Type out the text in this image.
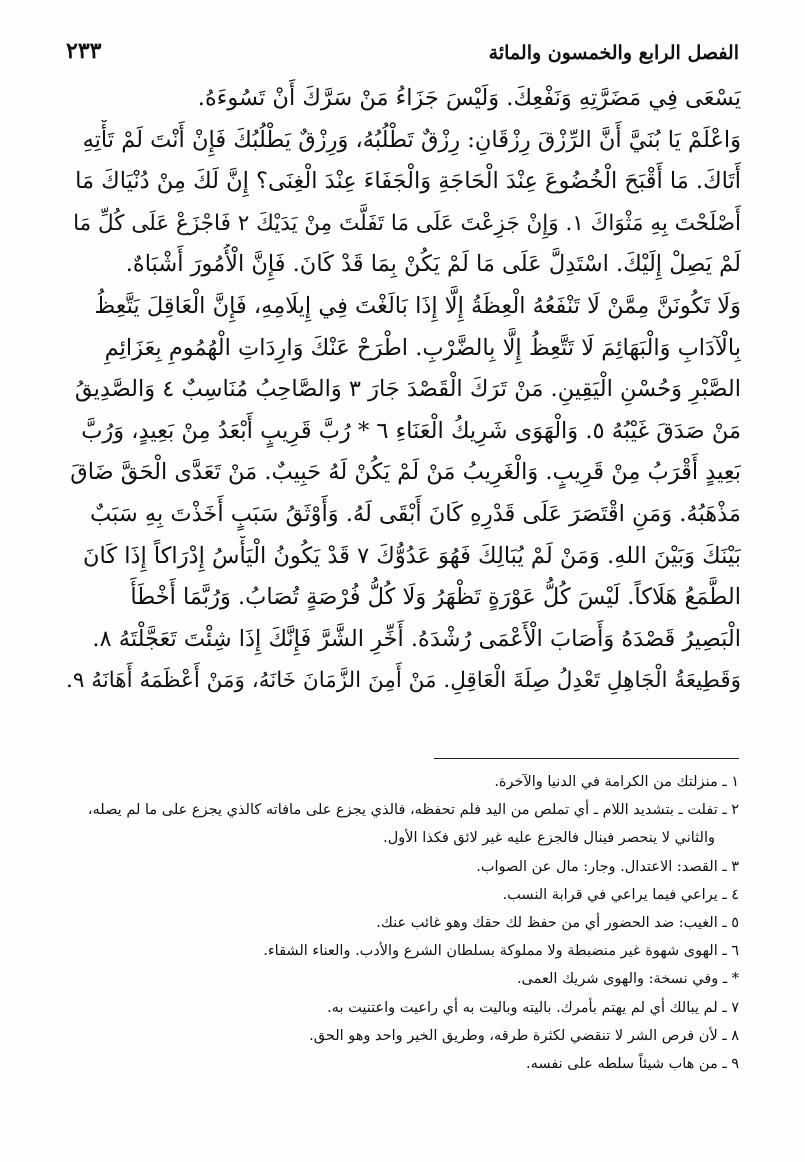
الفصل الرابع والخمسون والمائة
٢٣٣
يَسْعَى فِي مَضَرَّتِهِ وَنَفْعِكَ. وَلَيْسَ جَزَاءُ مَنْ سَرَّكَ أَنْ تَسُوءَهُ.
وَاعْلَمْ يَا بُنَيَّ أَنَّ الرِّزْقَ رِزْقَانِ: رِزْقٌ تَطْلُبُهُ، وَرِزْقٌ يَطْلُبُكَ فَإِنْ أَنْتَ لَمْ تَأْتِهِ
أَتَاكَ. مَا أَقْبَحَ الْخُضُوعَ عِنْدَ الْحَاجَةِ وَالْجَفَاءَ عِنْدَ الْغِنَى؟ إِنَّ لَكَ مِنْ دُنْيَاكَ مَا
أَصْلَحْتَ بِهِ مَثْوَاكَ ١. وَإِنْ جَزِعْتَ عَلَى مَا تَفَلَّتَ مِنْ يَدَيْكَ ٢ فَاجْزَعْ عَلَى كُلِّ مَا
لَمْ يَصِلْ إِلَيْكَ. اسْتَدِلَّ عَلَى مَا لَمْ يَكُنْ بِمَا قَدْ كَانَ. فَإِنَّ الْأُمُورَ أَشْبَاهٌ.
وَلَا تَكُونَنَّ مِمَّنْ لَا تَنْفَعُهُ الْعِظَةُ إِلَّا إِذَا بَالَغْتَ فِي إِيلَامِهِ، فَإِنَّ الْعَاقِلَ يَتَّعِظُ
بِالْآدَابِ وَالْبَهَائِمَ لَا تَتَّعِظُ إِلَّا بِالضَّرْبِ. اطْرَحْ عَنْكَ وَارِدَاتِ الْهُمُومِ بِعَزَائِمِ
الصَّبْرِ وَحُسْنِ الْيَقِينِ. مَنْ تَرَكَ الْقَصْدَ جَارَ ٣ وَالصَّاحِبُ مُنَاسِبٌ ٤ وَالصَّدِيقُ
مَنْ صَدَقَ غَيْبُهُ ٥. وَالْهَوَى شَرِيكُ الْعَنَاءِ ٦ * رُبَّ قَرِيبٍ أَبْعَدُ مِنْ بَعِيدٍ، وَرُبَّ
بَعِيدٍ أَقْرَبُ مِنْ قَرِيبٍ. وَالْغَرِيبُ مَنْ لَمْ يَكُنْ لَهُ حَبِيبٌ. مَنْ تَعَدَّى الْحَقَّ ضَاقَ
مَذْهَبُهُ. وَمَنِ اقْتَصَرَ عَلَى قَدْرِهِ كَانَ أَبْقَى لَهُ. وَأَوْثَقُ سَبَبٍ أَخَذْتَ بِهِ سَبَبٌ
بَيْنَكَ وَبَيْنَ اللهِ. وَمَنْ لَمْ يُبَالِكَ فَهُوَ عَدُوُّكَ ٧ قَدْ يَكُونُ الْيَأْسُ إِدْرَاكاً إِذَا كَانَ
الطَّمَعُ هَلَاكاً. لَيْسَ كُلُّ عَوْرَةٍ تَظْهَرُ وَلَا كُلُّ فُرْصَةٍ تُصَابُ. وَرُبَّمَا أَخْطَأَ
الْبَصِيرُ قَصْدَهُ وَأَصَابَ الْأَعْمَى رُشْدَهُ. أَخِّرِ الشَّرَّ فَإِنَّكَ إِذَا شِئْتَ تَعَجَّلْتَهُ ٨.
وَقَطِيعَةُ الْجَاهِلِ تَعْدِلُ صِلَةَ الْعَاقِلِ. مَنْ أَمِنَ الزَّمَانَ خَانَهُ، وَمَنْ أَعْظَمَهُ أَهَانَهُ ٩.
١ ـ منزلتك من الكرامة في الدنيا والآخرة.
٢ ـ تفلت ـ بتشديد اللام ـ أي تملص من اليد فلم تحفظه، فالذي يجزع على مافاته كالذي يجزع على ما لم يصله،
والثاني لا ينحصر فينال فالجزع عليه غير لائق فكذا الأول.
٣ ـ القصد: الاعتدال. وجار: مال عن الصواب.
٤ ـ يراعي فيما يراعي في قرابة النسب.
٥ ـ الغيب: ضد الحضور أي من حفظ لك حقك وهو غائب عنك.
٦ ـ الهوى شهوة غير منضبطة ولا مملوكة بسلطان الشرع والأدب. والعناء الشقاء.
* ـ وفي نسخة: والهوى شريك العمى.
٧ ـ لم يبالك أي لم يهتم بأمرك. باليته وباليت به أي راعيت واعتنيت به.
٨ ـ لأن فرص الشر لا تنقضي لكثرة طرقه، وطريق الخير واحد وهو الحق.
٩ ـ من هاب شيئاً سلطه على نفسه.
